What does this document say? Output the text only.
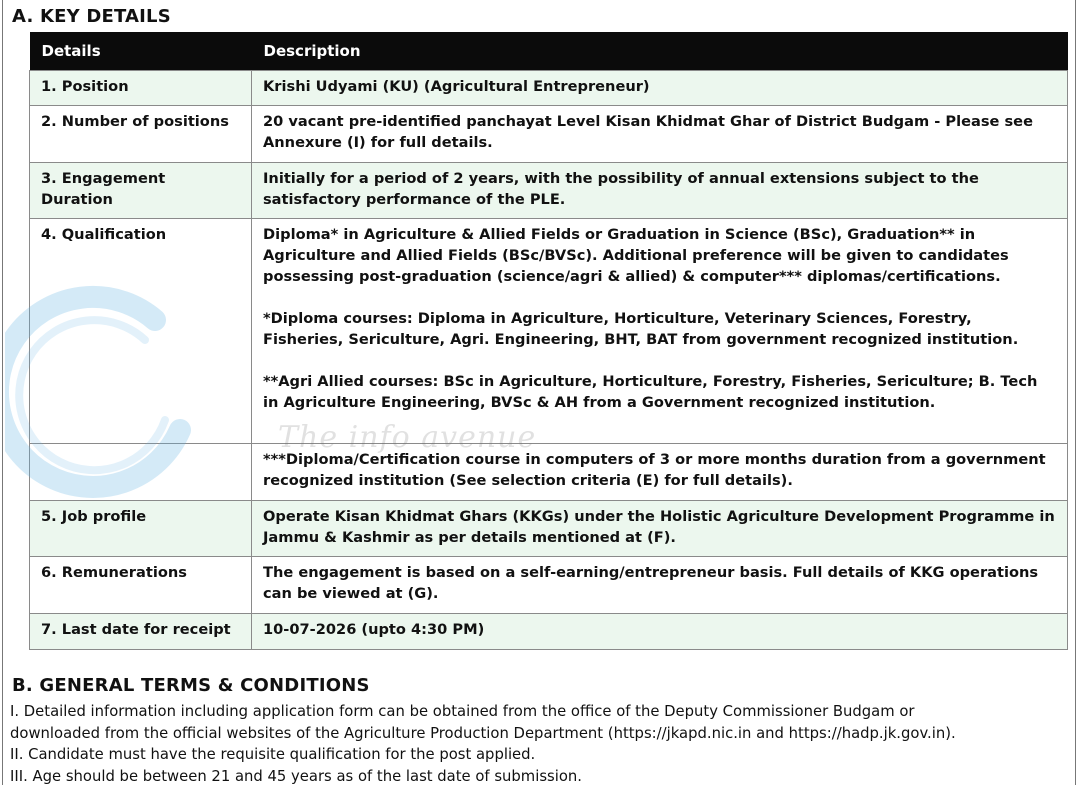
A. KEY DETAILS
Details	Description
1. Position	Krishi Udyami (KU) (Agricultural Entrepreneur)

2. Number of positions	20 vacant pre-identified panchayat Level Kisan Khidmat Ghar of District Budgam - Please see Annexure (I) for full details.

3. Engagement Duration	Initially for a period of 2 years, with the possibility of annual extensions subject to the satisfactory performance of the PLE.

4. Qualification	Diploma* in Agriculture & Allied Fields or Graduation in Science (BSc), Graduation** in Agriculture and Allied Fields (BSc/BVSc). Additional preference will be given to candidates possessing post-graduation (science/agri & allied) & computer*** diplomas/certifications.
*Diploma courses: Diploma in Agriculture, Horticulture, Veterinary Sciences, Forestry, Fisheries, Sericulture, Agri. Engineering, BHT, BAT from government recognized institution.
**Agri Allied courses: BSc in Agriculture, Horticulture, Forestry, Fisheries, Sericulture; B. Tech in Agriculture Engineering, BVSc & AH from a Government recognized institution.

	***Diploma/Certification course in computers of 3 or more months duration from a government recognized institution (See selection criteria (E) for full details).

5. Job profile	Operate Kisan Khidmat Ghars (KKGs) under the Holistic Agriculture Development Programme in Jammu & Kashmir as per details mentioned at (F).

6. Remunerations	The engagement is based on a self-earning/entrepreneur basis. Full details of KKG operations can be viewed at (G).

7. Last date for receipt	10-07-2026 (upto 4:30 PM)
B. GENERAL TERMS & CONDITIONS
I. Detailed information including application form can be obtained from the office of the Deputy Commissioner Budgam or
downloaded from the official websites of the Agriculture Production Department (https://jkapd.nic.in and https://hadp.jk.gov.in).
II. Candidate must have the requisite qualification for the post applied.
III. Age should be between 21 and 45 years as of the last date of submission.
The info avenue
